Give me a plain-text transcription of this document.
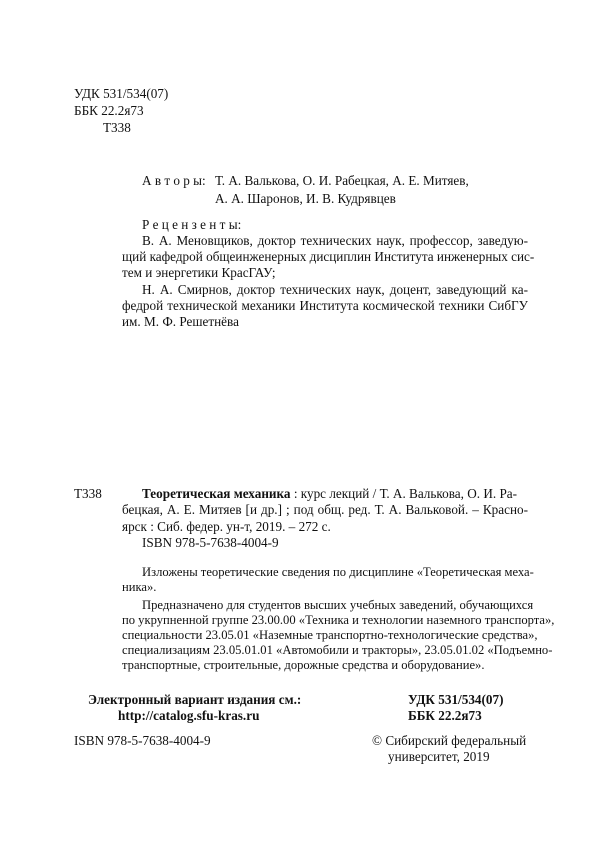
УДК 531/534(07)
ББК 22.2я73
Т338
А в т о р ы: Т. А. Валькова, О. И. Рабецкая, А. Е. Митяев,
А. А. Шаронов, И. В. Кудрявцев
Р е ц е н з е н т ы:
В. А. Меновщиков, доктор технических наук, профессор, заведую-
щий кафедрой общеинженерных дисциплин Института инженерных сис-
тем и энергетики КрасГАУ;
Н. А. Смирнов, доктор технических наук, доцент, заведующий ка-
федрой технической механики Института космической техники СибГУ
им. М. Ф. Решетнёва
Т338	Теоретическая механика : курс лекций / Т. А. Валькова, О. И. Ра-
бецкая, А. Е. Митяев [и др.] ; под общ. ред. Т. А. Вальковой. – Красно-
ярск : Сиб. федер. ун-т, 2019. – 272 с.
ISBN 978-5-7638-4004-9
Изложены теоретические сведения по дисциплине «Теоретическая меха-
ника».
Предназначено для студентов высших учебных заведений, обучающихся
по укрупненной группе 23.00.00 «Техника и технологии наземного транспорта»,
специальности 23.05.01 «Наземные транспортно-технологические средства»,
специализациям 23.05.01.01 «Автомобили и тракторы», 23.05.01.02 «Подъемно-
транспортные, строительные, дорожные средства и оборудование».
Электронный вариант издания см.:
http://catalog.sfu-kras.ru
УДК 531/534(07)
ББК 22.2я73
ISBN 978-5-7638-4004-9	© Сибирский федеральный
университет, 2019
